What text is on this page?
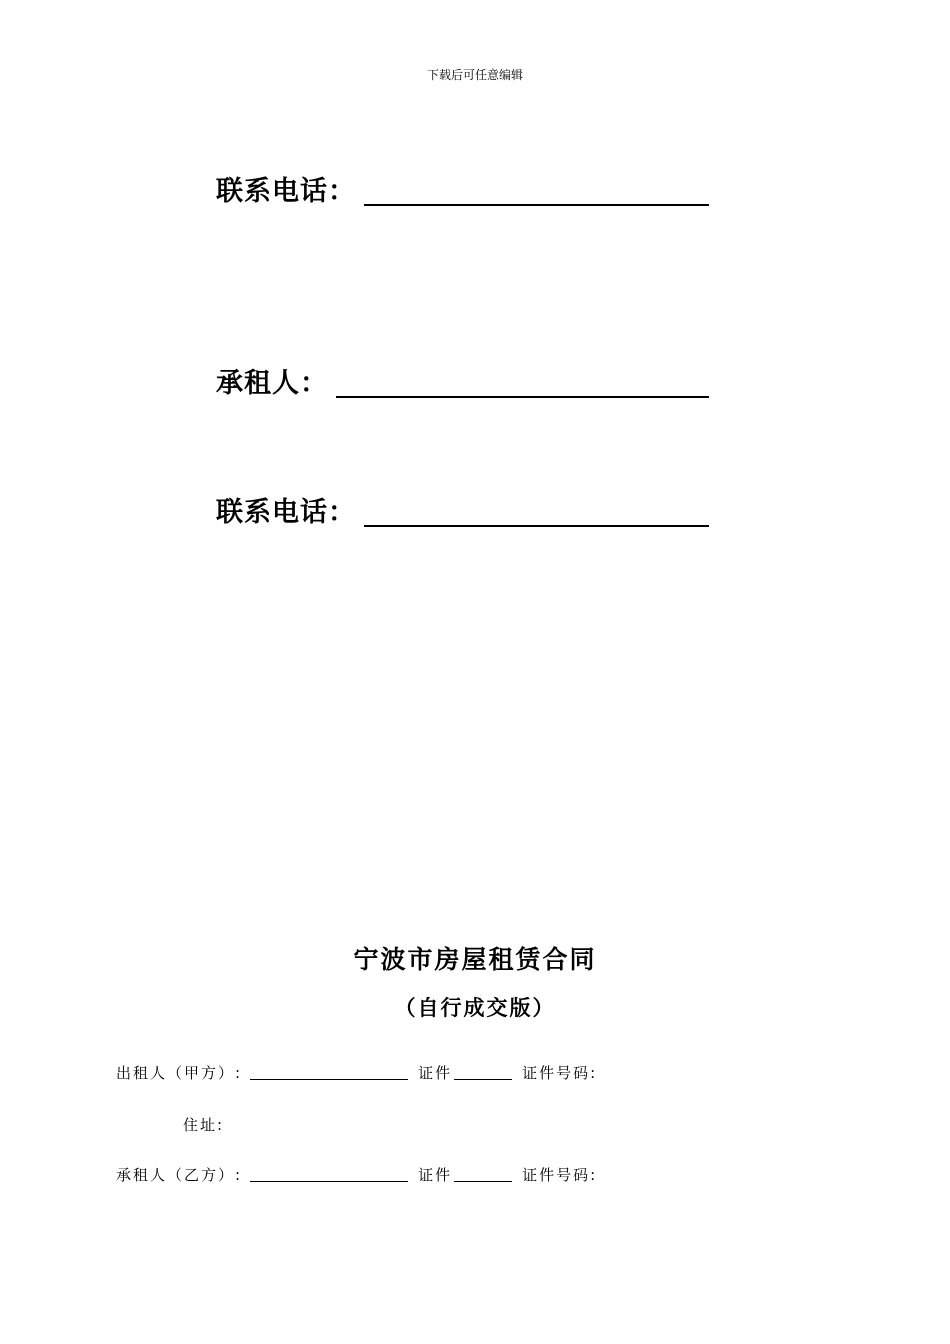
下载后可任意编辑
联系电话：
承租人：
联系电话：
宁波市房屋租赁合同
（自行成交版）
出租人（甲方）:	证件	证件号码:
住址:
承租人（乙方）:	证件	证件号码:
